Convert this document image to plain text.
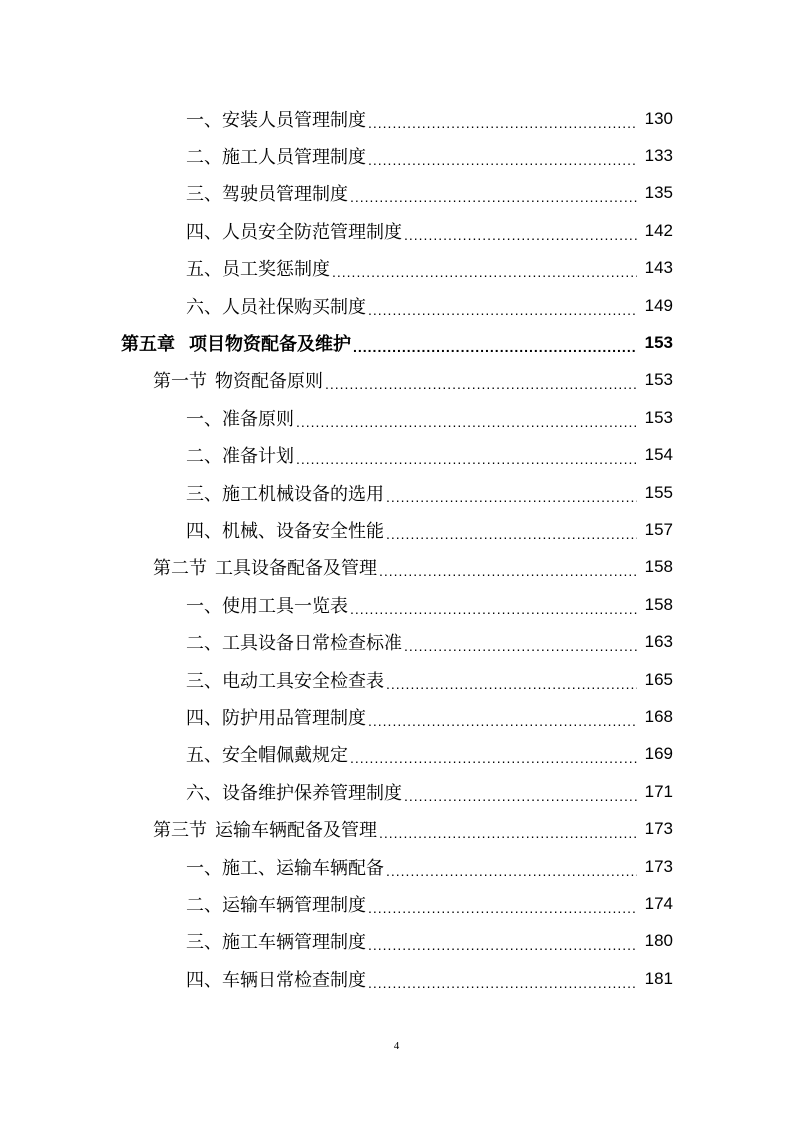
一、 安装人员管理制度 .....	130
二、 施工人员管理制度 .....	133
三、 驾驶员管理制度 .....	135
四、 人员安全防范管理制度 .....	142
五、 员工奖惩制度 .....	143
六、 人员社保购买制度 .....	149
第五章 项目物资配备及维护 .....	153
第一节 物资配备原则 .....	153
一、 准备原则 .....	153
二、 准备计划 .....	154
三、 施工机械设备的选用 .....	155
四、 机械、设备安全性能 .....	157
第二节 工具设备配备及管理 .....	158
一、 使用工具一览表 .....	158
二、 工具设备日常检查标准 .....	163
三、 电动工具安全检查表 .....	165
四、 防护用品管理制度 .....	168
五、 安全帽佩戴规定 .....	169
六、 设备维护保养管理制度 .....	171
第三节 运输车辆配备及管理 .....	173
一、 施工、运输车辆配备 .....	173
二、 运输车辆管理制度 .....	174
三、 施工车辆管理制度 .....	180
四、 车辆日常检查制度 .....	181
4
